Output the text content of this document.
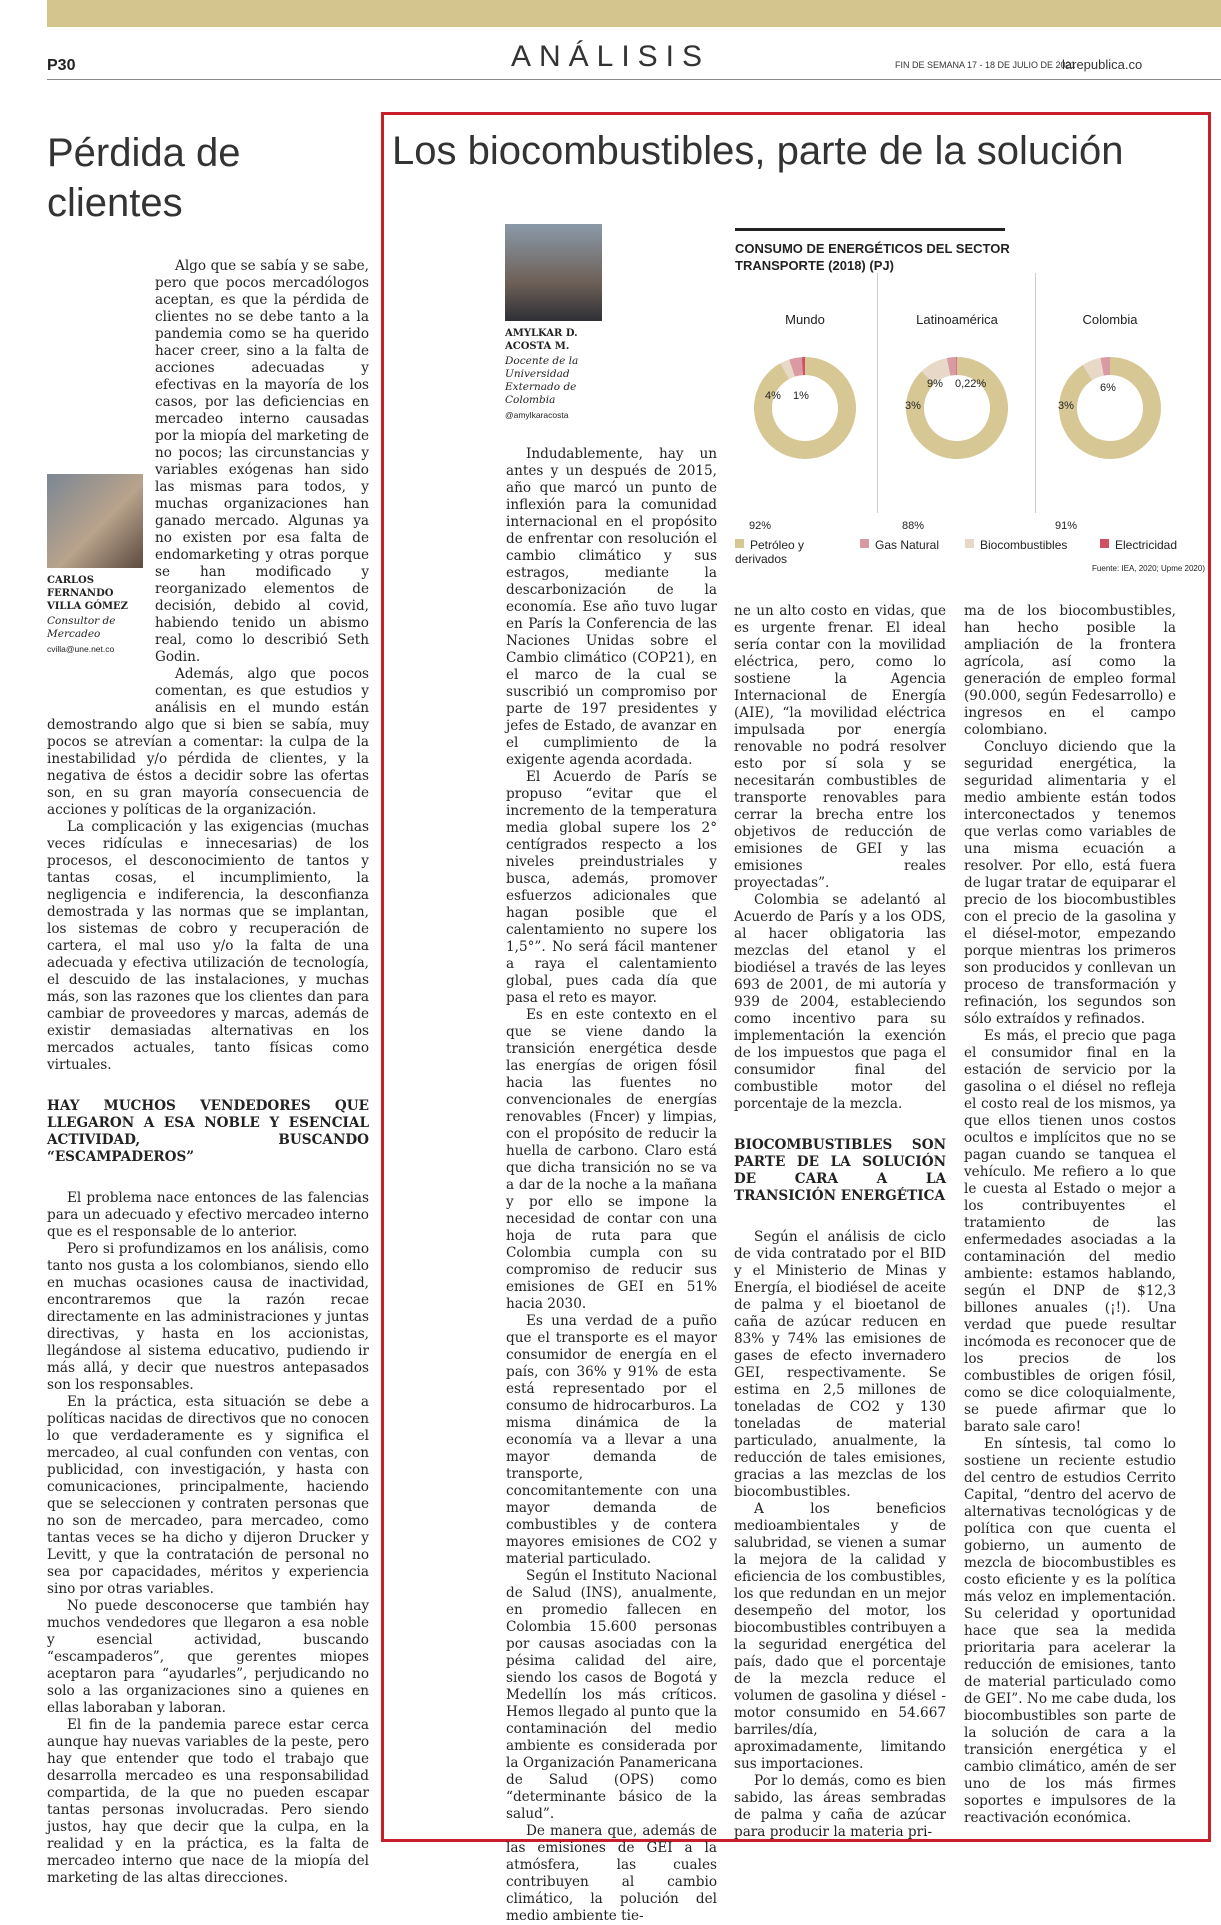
P30	ANÁLISIS	FIN DE SEMANA 17 - 18 DE JULIO DE 2021
larepublica.co
Pérdida de clientes
CARLOS FERNANDO VILLA GÓMEZ
Consultor de Mercadeo
cvilla@une.net.co

Algo que se sabía y se sabe, pero que pocos mercadólogos aceptan, es que la pérdida de clientes no se debe tanto a la pandemia como se ha querido hacer creer, sino a la falta de acciones adecuadas y efectivas en la mayoría de los casos, por las deficiencias en mercadeo interno causadas por la miopía del marketing de no pocos; las circunstancias y variables exógenas han sido las mismas para todos, y muchas organizaciones han ganado mercado. Algunas ya no existen por esa falta de endomarketing y otras porque se han modificado y reorganizado elementos de decisión, debido al covid, habiendo tenido un abismo real, como lo describió Seth Godin.

Además, algo que pocos comentan, es que estudios y análisis en el mundo están demostrando algo que si bien se sabía, muy pocos se atrevían a comentar: la culpa de la inestabilidad y/o pérdida de clientes, y la negativa de éstos a decidir sobre las ofertas son, en su gran mayoría consecuencia de acciones y políticas de la organización.

La complicación y las exigencias (muchas veces ridículas e innecesarias) de los procesos, el desconocimiento de tantos y tantas cosas, el incumplimiento, la negligencia e indiferencia, la desconfianza demostrada y las normas que se implantan, los sistemas de cobro y recuperación de cartera, el mal uso y/o la falta de una adecuada y efectiva utilización de tecnología, el descuido de las instalaciones, y muchas más, son las razones que los clientes dan para cambiar de proveedores y marcas, además de existir demasiadas alternativas en los mercados actuales, tanto físicas como virtuales.

HAY MUCHOS VENDEDORES QUE LLEGARON A ESA NOBLE Y ESENCIAL ACTIVIDAD, BUSCANDO “ESCAMPADEROS”

El problema nace entonces de las falencias para un adecuado y efectivo mercadeo interno que es el responsable de lo anterior.

Pero si profundizamos en los análisis, como tanto nos gusta a los colombianos, siendo ello en muchas ocasiones causa de inactividad, encontraremos que la razón recae directamente en las administraciones y juntas directivas, y hasta en los accionistas, llegándose al sistema educativo, pudiendo ir más allá, y decir que nuestros antepasados son los responsables.

En la práctica, esta situación se debe a políticas nacidas de directivos que no conocen lo que verdaderamente es y significa el mercadeo, al cual confunden con ventas, con publicidad, con investigación, y hasta con comunicaciones, principalmente, haciendo que se seleccionen y contraten personas que no son de mercadeo, para mercadeo, como tantas veces se ha dicho y dijeron Drucker y Levitt, y que la contratación de personal no sea por capacidades, méritos y experiencia sino por otras variables.

No puede desconocerse que también hay muchos vendedores que llegaron a esa noble y esencial actividad, buscando “escampaderos”, que gerentes miopes aceptaron para “ayudarles”, perjudicando no solo a las organizaciones sino a quienes en ellas laboraban y laboran.

El fin de la pandemia parece estar cerca aunque hay nuevas variables de la peste, pero hay que entender que todo el trabajo que desarrolla mercadeo es una responsabilidad compartida, de la que no pueden escapar tantas personas involucradas. Pero siendo justos, hay que decir que la culpa, en la realidad y en la práctica, es la falta de mercadeo interno que nace de la miopía del marketing de las altas direcciones.

Los biocombustibles, parte de la solución
AMYLKAR D. ACOSTA M.
Docente de la Universidad Externado de Colombia
@amylkaracosta

Indudablemente, hay un antes y un después de 2015, año que marcó un punto de inflexión para la comunidad internacional en el propósito de enfrentar con resolución el cambio climático y sus estragos, mediante la descarbonización de la economía. Ese año tuvo lugar en París la Conferencia de las Naciones Unidas sobre el Cambio climático (COP21), en el marco de la cual se suscribió un compromiso por parte de 197 presidentes y jefes de Estado, de avanzar en el cumplimiento de la exigente agenda acordada.

El Acuerdo de París se propuso “evitar que el incremento de la temperatura media global supere los 2° centígrados respecto a los niveles preindustriales y busca, además, promover esfuerzos adicionales que hagan posible que el calentamiento no supere los 1,5°”. No será fácil mantener a raya el calentamiento global, pues cada día que pasa el reto es mayor.

Es en este contexto en el que se viene dando la transición energética desde las energías de origen fósil hacia las fuentes no convencionales de energías renovables (Fncer) y limpias, con el propósito de reducir la huella de carbono. Claro está que dicha transición no se va a dar de la noche a la mañana y por ello se impone la necesidad de contar con una hoja de ruta para que Colombia cumpla con su compromiso de reducir sus emisiones de GEI en 51% hacia 2030.

Es una verdad de a puño que el transporte es el mayor consumidor de energía en el país, con 36% y 91% de esta está representado por el consumo de hidrocarburos. La misma dinámica de la economía va a llevar a una mayor demanda de transporte, concomitantemente con una mayor demanda de combustibles y de contera mayores emisiones de CO2 y material particulado.

Según el Instituto Nacional de Salud (INS), anualmente, en promedio fallecen en Colombia 15.600 personas por causas asociadas con la pésima calidad del aire, siendo los casos de Bogotá y Medellín los más críticos. Hemos llegado al punto que la contaminación del medio ambiente es considerada por la Organización Panamericana de Salud (OPS) como “determinante básico de la salud”.

De manera que, además de las emisiones de GEI a la atmósfera, las cuales contribuyen al cambio climático, la polución del medio ambiente tie-

ne un alto costo en vidas, que es urgente frenar. El ideal sería contar con la movilidad eléctrica, pero, como lo sostiene la Agencia Internacional de Energía (AIE), “la movilidad eléctrica impulsada por energía renovable no podrá resolver esto por sí sola y se necesitarán combustibles de transporte renovables para cerrar la brecha entre los objetivos de reducción de emisiones de GEI y las emisiones reales proyectadas”.

Colombia se adelantó al Acuerdo de París y a los ODS, al hacer obligatoria las mezclas del etanol y el biodiésel a través de las leyes 693 de 2001, de mi autoría y 939 de 2004, estableciendo como incentivo para su implementación la exención de los impuestos que paga el consumidor final del combustible motor del porcentaje de la mezcla.

BIOCOMBUSTIBLES SON PARTE DE LA SOLUCIÓN DE CARA A LA TRANSICIÓN ENERGÉTICA

Según el análisis de ciclo de vida contratado por el BID y el Ministerio de Minas y Energía, el biodiésel de aceite de palma y el bioetanol de caña de azúcar reducen en 83% y 74% las emisiones de gases de efecto invernadero GEI, respectivamente. Se estima en 2,5 millones de toneladas de CO2 y 130 toneladas de material particulado, anualmente, la reducción de tales emisiones, gracias a las mezclas de los biocombustibles.

A los beneficios medioambientales y de salubridad, se vienen a sumar la mejora de la calidad y eficiencia de los combustibles, los que redundan en un mejor desempeño del motor, los biocombustibles contribuyen a la seguridad energética del país, dado que el porcentaje de la mezcla reduce el volumen de gasolina y diésel - motor consumido en 54.667 barriles/día, aproximadamente, limitando sus importaciones.

Por lo demás, como es bien sabido, las áreas sembradas de palma y caña de azúcar para producir la materia pri-

ma de los biocombustibles, han hecho posible la ampliación de la frontera agrícola, así como la generación de empleo formal (90.000, según Fedesarrollo) e ingresos en el campo colombiano.

Concluyo diciendo que la seguridad energética, la seguridad alimentaria y el medio ambiente están todos interconectados y tenemos que verlas como variables de una misma ecuación a resolver. Por ello, está fuera de lugar tratar de equiparar el precio de los biocombustibles con el precio de la gasolina y el diésel-motor, empezando porque mientras los primeros son producidos y conllevan un proceso de transformación y refinación, los segundos son sólo extraídos y refinados.

Es más, el precio que paga el consumidor final en la estación de servicio por la gasolina o el diésel no refleja el costo real de los mismos, ya que ellos tienen unos costos ocultos e implícitos que no se pagan cuando se tanquea el vehículo. Me refiero a lo que le cuesta al Estado o mejor a los contribuyentes el tratamiento de las enfermedades asociadas a la contaminación del medio ambiente: estamos hablando, según el DNP de $12,3 billones anuales (¡!). Una verdad que puede resultar incómoda es reconocer que de los precios de los combustibles de origen fósil, como se dice coloquialmente, se puede afirmar que lo barato sale caro!

En síntesis, tal como lo sostiene un reciente estudio del centro de estudios Cerrito Capital, “dentro del acervo de alternativas tecnológicas y de política con que cuenta el gobierno, un aumento de mezcla de biocombustibles es costo eficiente y es la política más veloz en implementación. Su celeridad y oportunidad hace que sea la medida prioritaria para acelerar la reducción de emisiones, tanto de material particulado como de GEI”. No me cabe duda, los biocombustibles son parte de la solución de cara a la transición energética y el cambio climático, amén de ser uno de los más firmes soportes e impulsores de la reactivación económica.

CONSUMO DE ENERGÉTICOS DEL SECTOR TRANSPORTE (2018) (PJ)
Mundo
92%
4% 1%
Latinoamérica
88%
3%
9% 0,22%
Colombia
91%
3%
6%
Petróleo y derivados
Gas Natural	Biocombustibles	Electricidad
Fuente: IEA, 2020; Upme 2020)
